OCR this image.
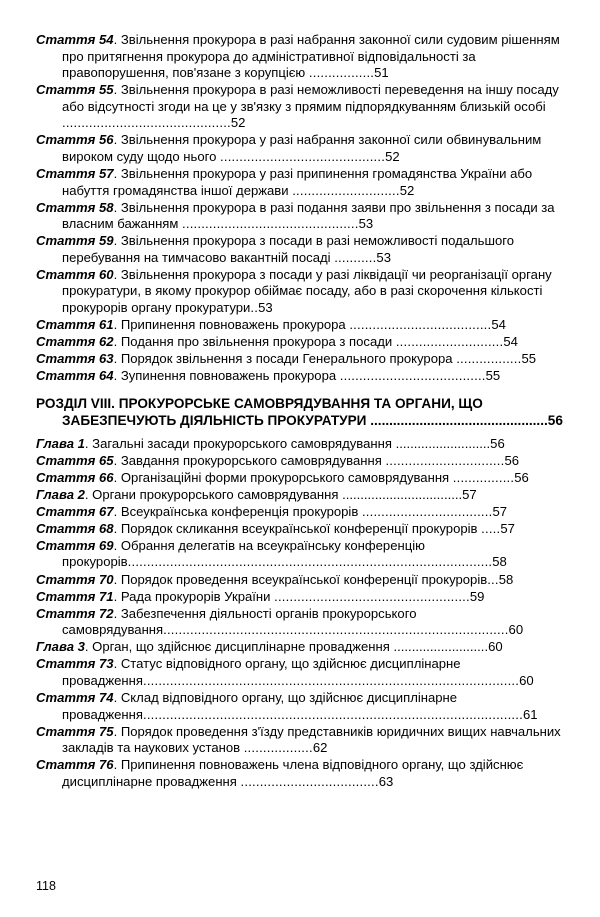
Стаття 54. Звільнення прокурора в разі набрання законної сили судовим рішенням про притягнення прокурора до адміністративної відповідальності за правопорушення, пов'язане з корупцією .................51
Стаття 55. Звільнення прокурора в разі неможливості переведення на іншу посаду або відсутності згоди на це у зв'язку з прямим підпорядкуванням близькій особі ............................................52
Стаття 56. Звільнення прокурора у разі набрання законної сили обвинувальним вироком суду щодо нього ...........................................52
Стаття 57. Звільнення прокурора у разі припинення громадянства України або набуття громадянства іншої держави ............................52
Стаття 58. Звільнення прокурора в разі подання заяви про звільнення з посади за власним бажанням ..............................................53
Стаття 59. Звільнення прокурора з посади в разі неможливості подальшого перебування на тимчасово вакантній посаді ...........53
Стаття 60. Звільнення прокурора з посади у разі ліквідації чи реорганізації органу прокуратури, в якому прокурор обіймає посаду, або в разі скорочення кількості прокурорів органу прокуратури..53
Стаття 61. Припинення повноважень прокурора .....................................54
Стаття 62. Подання про звільнення прокурора з посади ............................54
Стаття 63. Порядок звільнення з посади Генерального прокурора .................55
Стаття 64. Зупинення повноважень прокурора ......................................55
РОЗДІЛ VIII. ПРОКУРОРСЬКЕ САМОВРЯДУВАННЯ ТА ОРГАНИ, ЩО ЗАБЕЗПЕЧУЮТЬ ДІЯЛЬНІСТЬ ПРОКУРАТУРИ ...............................................56
Глава 1. Загальні засади прокурорського самоврядування ..........................56
Стаття 65. Завдання прокурорського самоврядування ...............................56
Стаття 66. Організаційні форми прокурорського самоврядування ................56
Глава 2. Органи прокурорського самоврядування .................................57
Стаття 67. Всеукраїнська конференція прокурорів ..................................57
Стаття 68. Порядок скликання всеукраїнської конференції прокурорів .....57
Стаття 69. Обрання делегатів на всеукраїнську конференцію прокурорів...............................................................................................58
Стаття 70. Порядок проведення всеукраїнської конференції прокурорів...58
Стаття 71. Рада прокурорів України ...................................................59
Стаття 72. Забезпечення діяльності органів прокурорського самоврядування..........................................................................................60
Глава 3. Орган, що здійснює дисциплінарне провадження ..........................60
Стаття 73. Статус відповідного органу, що здійснює дисциплінарне провадження..................................................................................................60
Стаття 74. Склад відповідного органу, що здійснює дисциплінарне провадження...................................................................................................61
Стаття 75. Порядок проведення з'їзду представників юридичних вищих навчальних закладів та наукових установ ..................62
Стаття 76. Припинення повноважень члена відповідного органу, що здійснює дисциплінарне провадження ....................................63
118
